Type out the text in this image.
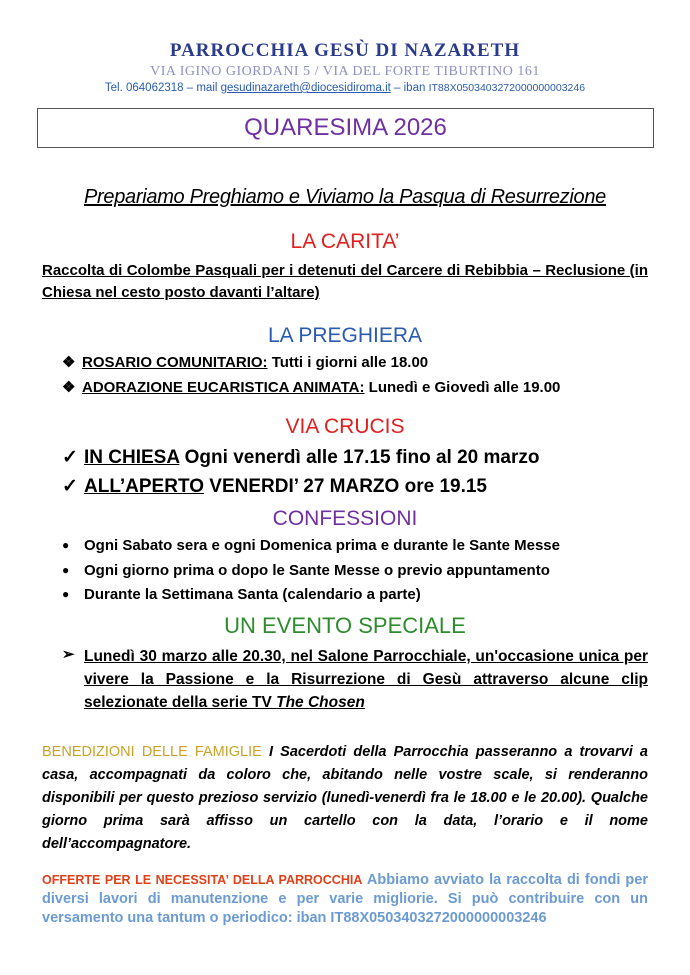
PARROCCHIA GESÙ DI NAZARETH
VIA IGINO GIORDANI 5 / VIA DEL FORTE TIBURTINO 161
Tel. 064062318 – mail gesudinazareth@diocesidiroma.it – iban IT88X0503403272000000003246
QUARESIMA 2026
Prepariamo Preghiamo e Viviamo la Pasqua di Resurrezione
LA CARITA’
Raccolta di Colombe Pasquali per i detenuti del Carcere di Rebibbia – Reclusione (in Chiesa nel cesto posto davanti l’altare)
LA PREGHIERA
❖ ROSARIO COMUNITARIO: Tutti i giorni alle 18.00
❖ ADORAZIONE EUCARISTICA ANIMATA: Lunedì e Giovedì alle 19.00
VIA CRUCIS
✓ IN CHIESA Ogni venerdì alle 17.15 fino al 20 marzo
✓ ALL’APERTO VENERDI’ 27 MARZO ore 19.15
CONFESSIONI
● Ogni Sabato sera e ogni Domenica prima e durante le Sante Messe
● Ogni giorno prima o dopo le Sante Messe o previo appuntamento
● Durante la Settimana Santa (calendario a parte)
UN EVENTO SPECIALE
➢ Lunedì 30 marzo alle 20.30, nel Salone Parrocchiale, un'occasione unica per vivere la Passione e la Risurrezione di Gesù attraverso alcune clip selezionate della serie TV The Chosen
BENEDIZIONI DELLE FAMIGLIE I Sacerdoti della Parrocchia passeranno a trovarvi a casa, accompagnati da coloro che, abitando nelle vostre scale, si renderanno disponibili per questo prezioso servizio (lunedì-venerdì fra le 18.00 e le 20.00). Qualche giorno prima sarà affisso un cartello con la data, l’orario e il nome dell’accompagnatore.
OFFERTE PER LE NECESSITA’ DELLA PARROCCHIA Abbiamo avviato la raccolta di fondi per diversi lavori di manutenzione e per varie migliorie. Si può contribuire con un versamento una tantum o periodico: iban IT88X0503403272000000003246
